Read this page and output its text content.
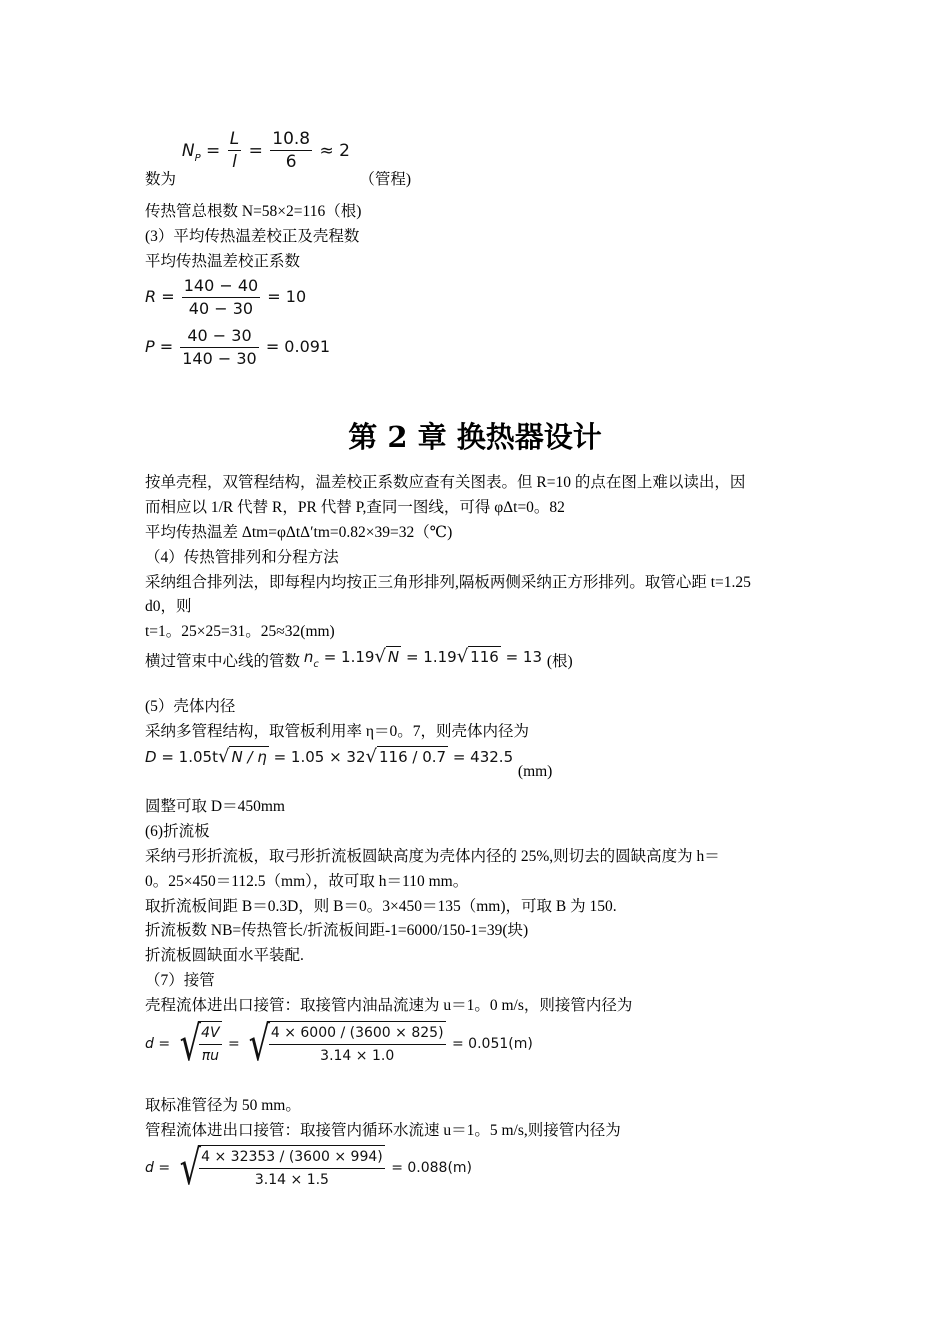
数为 $N_P = \frac{L}{l} = \frac{10.8}{6} \approx 2$ （管程)
传热管总根数 N=58×2=116（根)
(3）平均传热温差校正及壳程数
平均传热温差校正系数
$R = \frac{140 - 40}{40 - 30} = 10$
$P = \frac{40 - 30}{140 - 30} = 0.091$
第 2 章 换热器设计
按单壳程，双管程结构，温差校正系数应查有关图表。但 R=10 的点在图上难以读出，因
而相应以 1/R 代替 R，PR 代替 P,查同一图线，可得 φΔt=0。82
平均传热温差 Δtm=φΔtΔ′tm=0.82×39=32（℃)
（4）传热管排列和分程方法
采纳组合排列法，即每程内均按正三角形排列,隔板两侧采纳正方形排列。取管心距 t=1.25
d0，则
t=1。25×25=31。25≈32(mm)
横过管束中心线的管数 $n_c = 1.19√$ N = 1.19√ 116 = 13 (根)
(5）壳体内径
采纳多管程结构，取管板利用率 η＝0。7，则壳体内径为
D = 1.05t√ N / η = 1.05 × 32√ 116 / 0.7 = 432.5 (mm)
圆整可取 D＝450mm
(6)折流板
采纳弓形折流板，取弓形折流板圆缺高度为壳体内径的 25%,则切去的圆缺高度为 h＝
0。25×450＝112.5（mm），故可取 h＝110 mm。
取折流板间距 B＝0.3D，则 B＝0。3×450＝135（mm)，可取 B 为 150.
折流板数 NB=传热管长/折流板间距-1=6000/150-1=39(块)
折流板圆缺面水平装配.
（7）接管
壳程流体进出口接管：取接管内油品流速为 u＝1。0 m/s，则接管内径为
d = √
$\frac{4V}{\pi u}$ = √
$\frac{4 \times 6000 / (3600 \times 825)}{3.14 \times 1.0} = 0.051(m)$
取标准管径为 50 mm。
管程流体进出口接管：取接管内循环水流速 u＝1。5 m/s,则接管内径为
d = √
$\frac{4 \times 32353 / (3600 \times 994)}{3.14 \times 1.5} = 0.088(m)$
